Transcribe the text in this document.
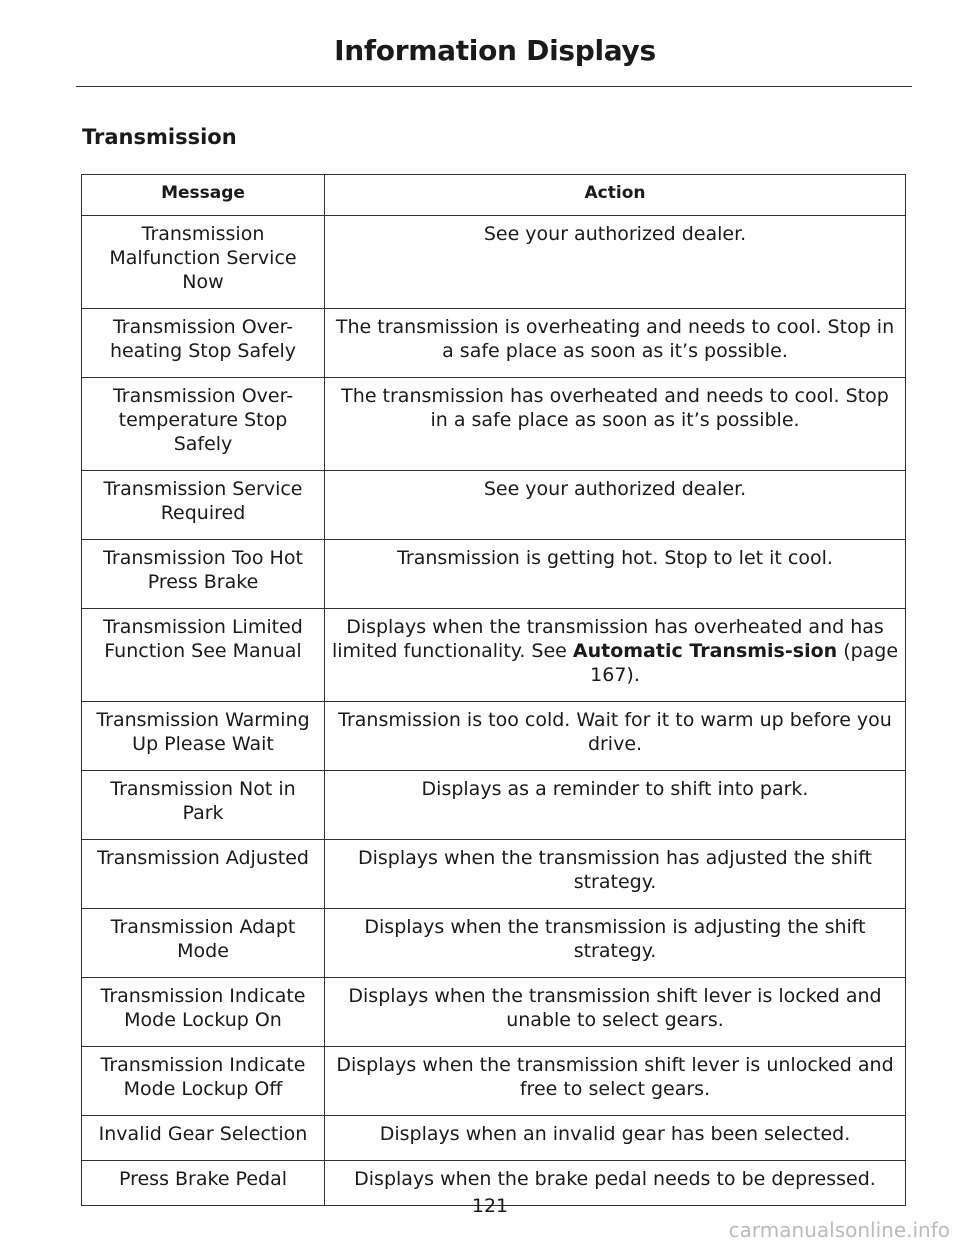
Information Displays
Transmission
Message	Action
Transmission Malfunction Service Now	See your authorized dealer.
Transmission Over-heating Stop Safely	The transmission is overheating and needs to cool. Stop in a safe place as soon as it’s possible.
Transmission Over-temperature Stop Safely	The transmission has overheated and needs to cool. Stop in a safe place as soon as it’s possible.
Transmission Service Required	See your authorized dealer.
Transmission Too Hot Press Brake	Transmission is getting hot. Stop to let it cool.
Transmission Limited Function See Manual	Displays when the transmission has overheated and has limited functionality. See Automatic Transmis-sion (page 167).
Transmission Warming Up Please Wait	Transmission is too cold. Wait for it to warm up before you drive.
Transmission Not in Park	Displays as a reminder to shift into park.
Transmission Adjusted	Displays when the transmission has adjusted the shift strategy.
Transmission Adapt Mode	Displays when the transmission is adjusting the shift strategy.
Transmission Indicate Mode Lockup On	Displays when the transmission shift lever is locked and unable to select gears.
Transmission Indicate Mode Lockup Off	Displays when the transmission shift lever is unlocked and free to select gears.
Invalid Gear Selection	Displays when an invalid gear has been selected.
Press Brake Pedal	Displays when the brake pedal needs to be depressed.
121
carmanualsonline.info
